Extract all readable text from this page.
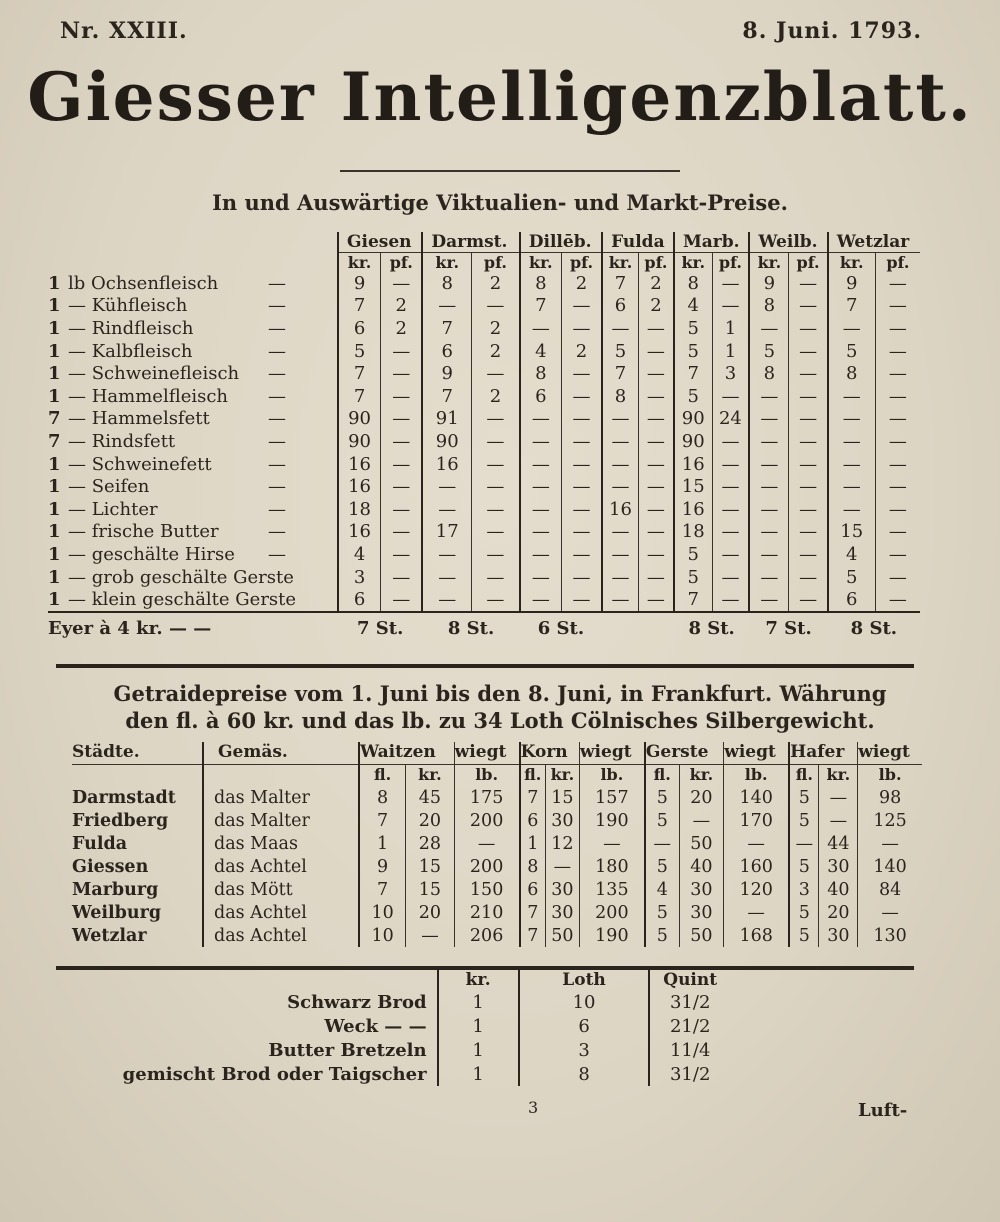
Nr. XXIII.	8. Juni. 1793.
Giesser Intelligenzblatt.
In und Auswärtige Viktualien- und Markt-Preise.
	Giesen		Darmst.		Dillēb.		Fulda		Marb.		Weilb.		Wetzlar	
	kr.	pf.	kr.	pf.	kr.	pf.	kr.	pf.	kr.	pf.	kr.	pf.	kr.	pf.
1 lb Ochsenfleisch —	9	—	8	2	8	2	7	2	8	—	9	—	9	—
1 — Kühfleisch —	7	2	—	—	7	—	6	2	4	—	8	—	7	—
1 — Rindfleisch —	6	2	7	2	—	—	—	—	5	1	—	—	—	—
1 — Kalbfleisch —	5	—	6	2	4	2	5	—	5	1	5	—	5	—
1 — Schweinefleisch —	7	—	9	—	8	—	7	—	7	3	8	—	8	—
1 — Hammelfleisch —	7	—	7	2	6	—	8	—	5	—	—	—	—	—
7 — Hammelsfett —	90	—	91	—	—	—	—	—	90	24	—	—	—	—
7 — Rindsfett —	90	—	90	—	—	—	—	—	90	—	—	—	—	—
1 — Schweinefett —	16	—	16	—	—	—	—	—	16	—	—	—	—	—
1 — Seifen —	16	—	—	—	—	—	—	—	15	—	—	—	—	—
1 — Lichter —	18	—	—	—	—	—	16	—	16	—	—	—	—	—
1 — frische Butter —	16	—	17	—	—	—	—	—	18	—	—	—	15	—
1 — geschälte Hirse —	4	—	—	—	—	—	—	—	5	—	—	—	4	—
1 — grob geschälte Gerste	3	—	—	—	—	—	—	—	5	—	—	—	5	—
1 — klein geschälte Gerste	6	—	—	—	—	—	—	—	7	—	—	—	6	—
Eyer à 4 kr. — —	7 St.		8 St.		6 St.				8 St.		7 St.		8 St.	
Getraidepreise vom 1. Juni bis den 8. Juni, in Frankfurt. Währung
den fl. à 60 kr. und das lb. zu 34 Loth Cölnisches Silbergewicht.
Städte.	Gemäs.	Waitzen		wiegt	Korn		wiegt	Gerste		wiegt	Hafer		wiegt
		fl.	kr.	lb.	fl.	kr.	lb.	fl.	kr.	lb.	fl.	kr.	lb.
Darmstadt	das Malter	8	45	175	7	15	157	5	20	140	5	—	98
Friedberg	das Malter	7	20	200	6	30	190	5	—	170	5	—	125
Fulda	das Maas	1	28	—	1	12	—	—	50	—	—	44	—
Giessen	das Achtel	9	15	200	8	—	180	5	40	160	5	30	140
Marburg	das Mött	7	15	150	6	30	135	4	30	120	3	40	84
Weilburg	das Achtel	10	20	210	7	30	200	5	30	—	5	20	—
Wetzlar	das Achtel	10	—	206	7	50	190	5	50	168	5	30	130
	kr.	Loth	Quint
Schwarz Brod	1	10	31/2
Weck — —	1	6	21/2
Butter Bretzeln	1	3	11/4
gemischt Brod oder Taigscher	1	8	31/2
3	Luft-
